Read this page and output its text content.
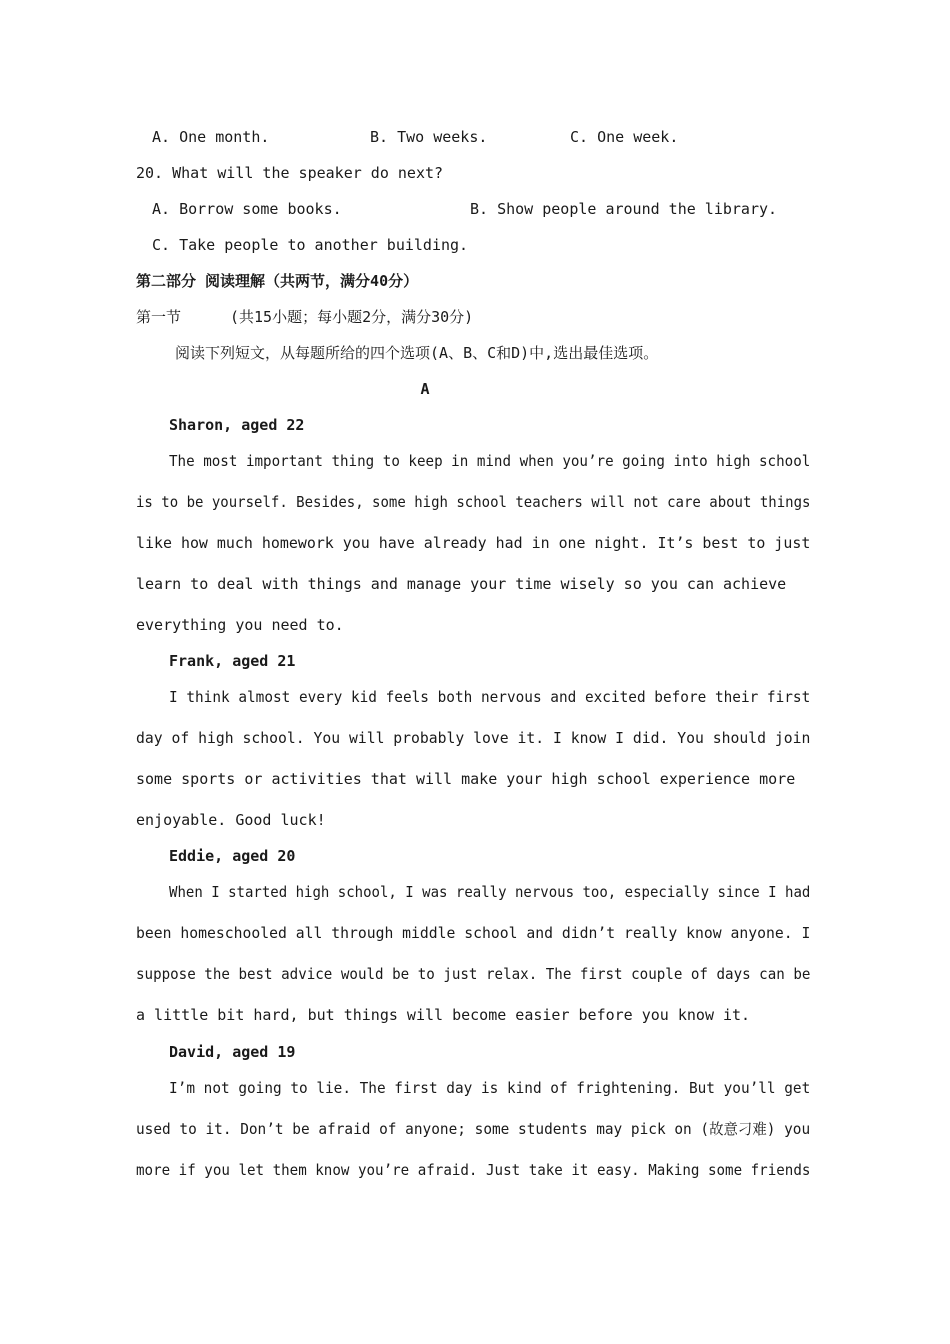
A. One month.	B. Two weeks.	C. One week.
20. What will the speaker do next?
A. Borrow some books.	B. Show people around the library.
C. Take people to another building.
第二部分 阅读理解（共两节，满分40分）
第一节	(共15小题；每小题2分，满分30分)
阅读下列短文，从每题所给的四个选项(A、B、C和D)中,选出最佳选项。
A
Sharon, aged 22
The most important thing to keep in mind when you’re going into high school
is to be yourself. Besides, some high school teachers will not care about things
like how much homework you have already had in one night. It’s best to just
learn to deal with things and manage your time wisely so you can achieve
everything you need to.
Frank, aged 21
I think almost every kid feels both nervous and excited before their first
day of high school. You will probably love it. I know I did. You should join
some sports or activities that will make your high school experience more
enjoyable. Good luck!
Eddie, aged 20
When I started high school, I was really nervous too, especially since I had
been homeschooled all through middle school and didn’t really know anyone. I
suppose the best advice would be to just relax. The first couple of days can be
a little bit hard, but things will become easier before you know it.
David, aged 19
I’m not going to lie. The first day is kind of frightening. But you’ll get
used to it. Don’t be afraid of anyone; some students may pick on (故意刁难) you
more if you let them know you’re afraid. Just take it easy. Making some friends
